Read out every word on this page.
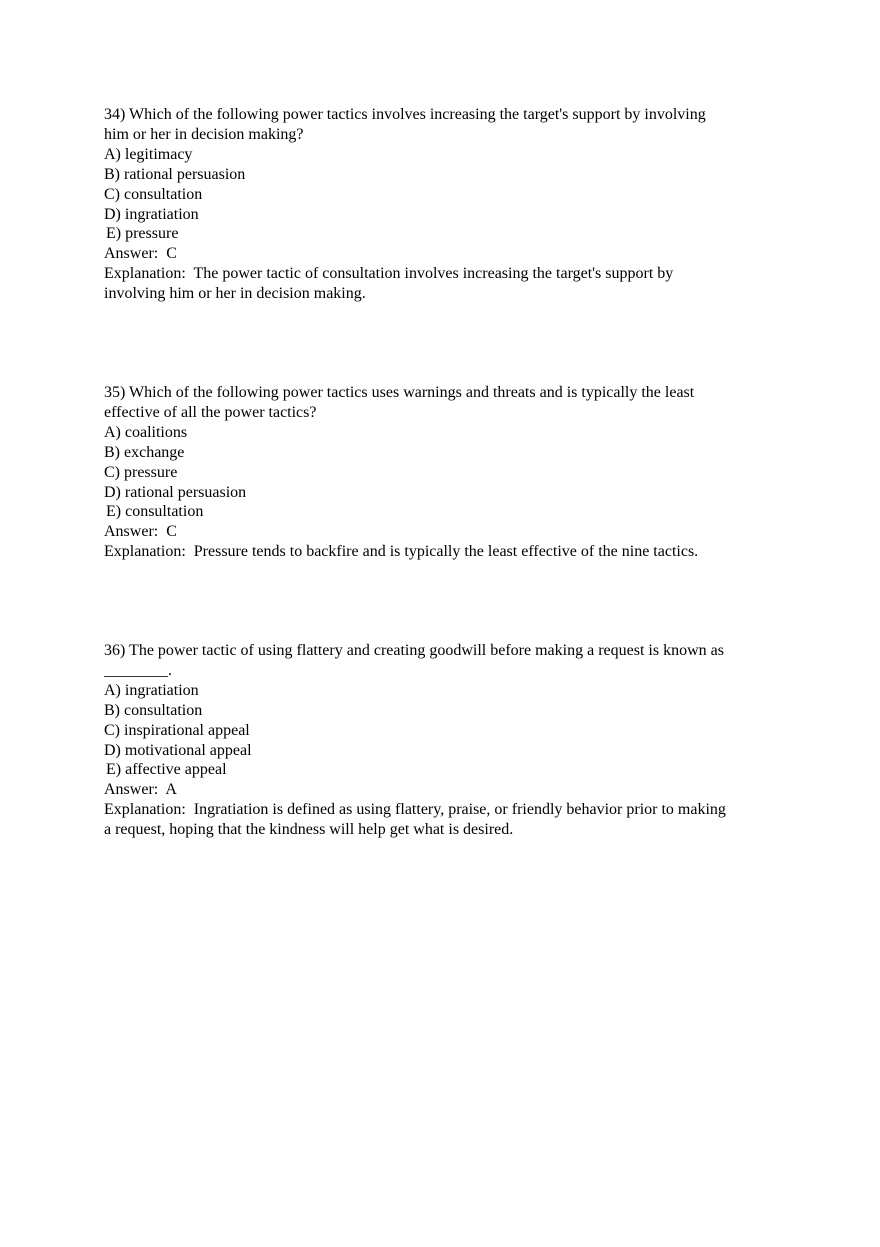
34) Which of the following power tactics involves increasing the target's support by involving
him or her in decision making?
A) legitimacy
B) rational persuasion
C) consultation
D) ingratiation
E) pressure
Answer:  C
Explanation:  The power tactic of consultation involves increasing the target's support by
involving him or her in decision making.
35) Which of the following power tactics uses warnings and threats and is typically the least
effective of all the power tactics?
A) coalitions
B) exchange
C) pressure
D) rational persuasion
E) consultation
Answer:  C
Explanation:  Pressure tends to backfire and is typically the least effective of the nine tactics.
36) The power tactic of using flattery and creating goodwill before making a request is known as
________.
A) ingratiation
B) consultation
C) inspirational appeal
D) motivational appeal
E) affective appeal
Answer:  A
Explanation:  Ingratiation is defined as using flattery, praise, or friendly behavior prior to making
a request, hoping that the kindness will help get what is desired.
